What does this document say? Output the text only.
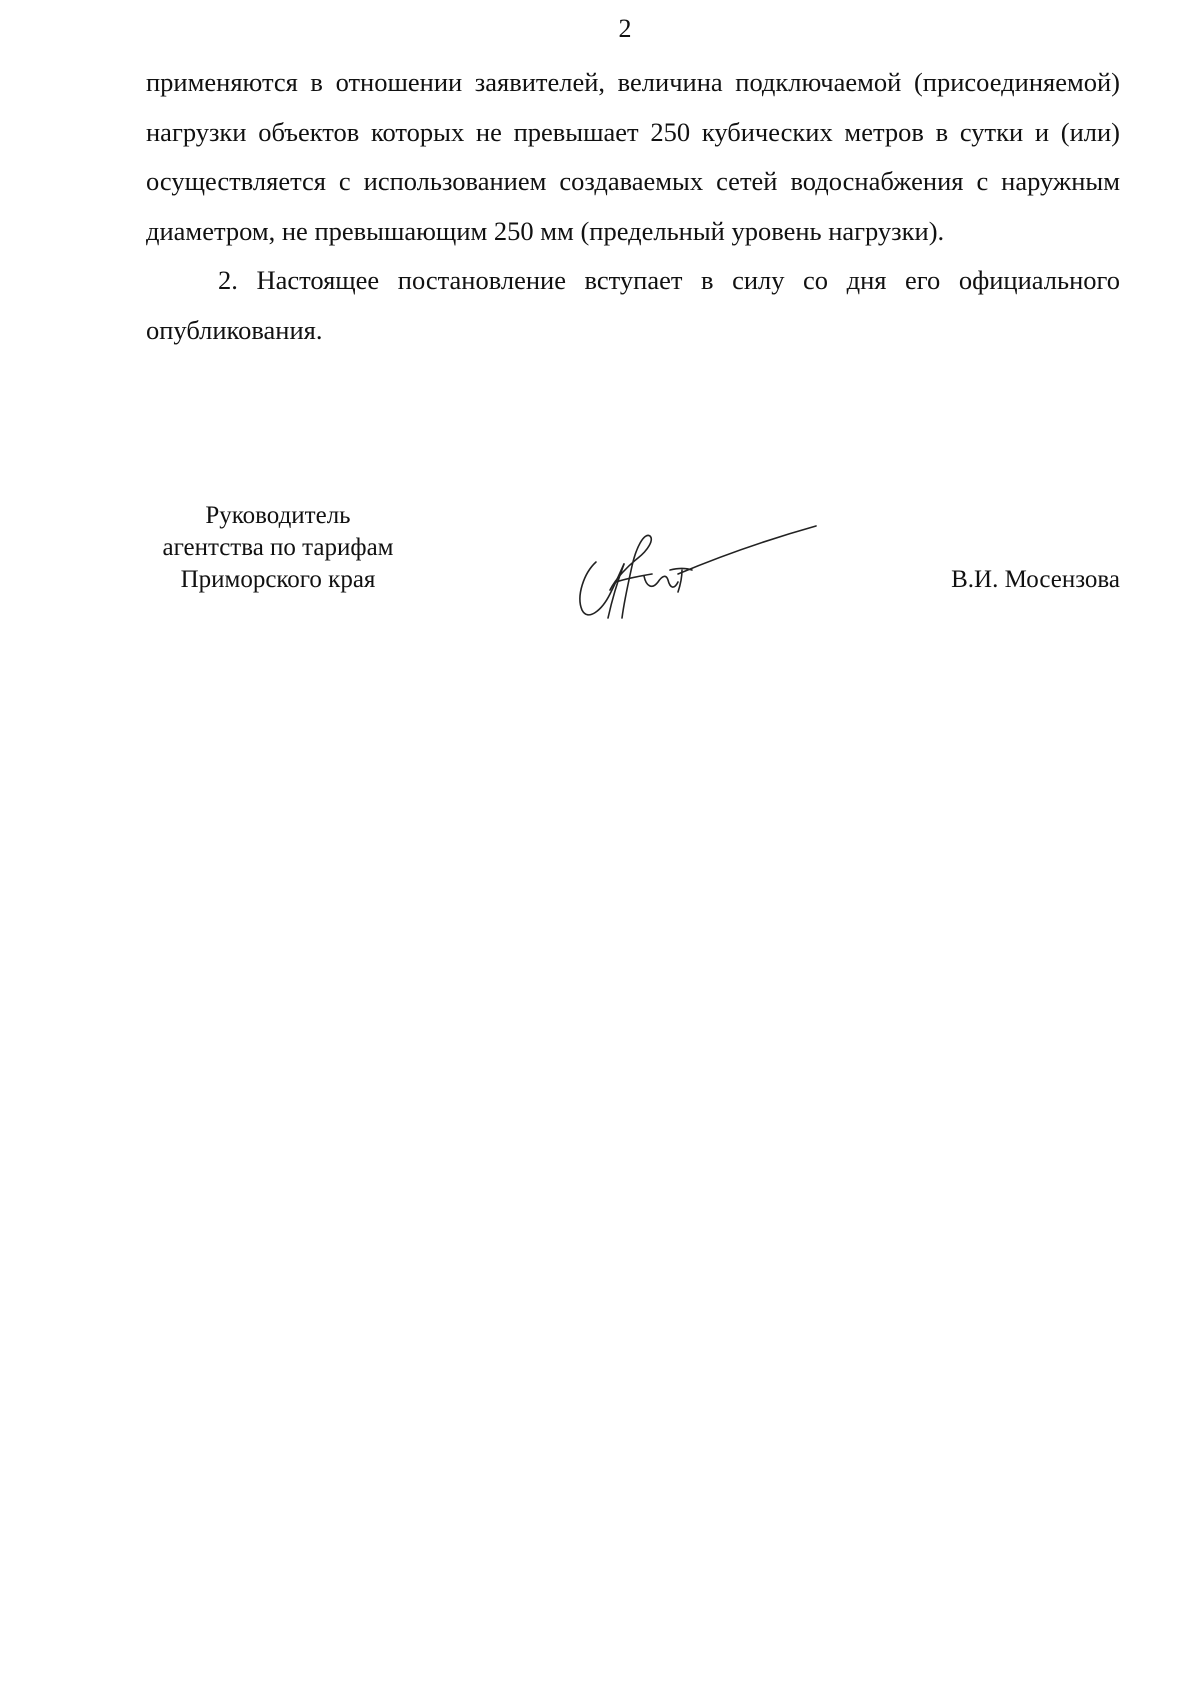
2

применяются в отношении заявителей, величина подключаемой (присоединяемой) нагрузки объектов которых не превышает 250 кубических метров в сутки и (или) осуществляется с использованием создаваемых сетей водоснабжения с наружным диаметром, не превышающим 250 мм (предельный уровень нагрузки).

2. Настоящее постановление вступает в силу со дня его официального опубликования.

Руководитель
агентства по тарифам
Приморского края	В.И. Мосензова
